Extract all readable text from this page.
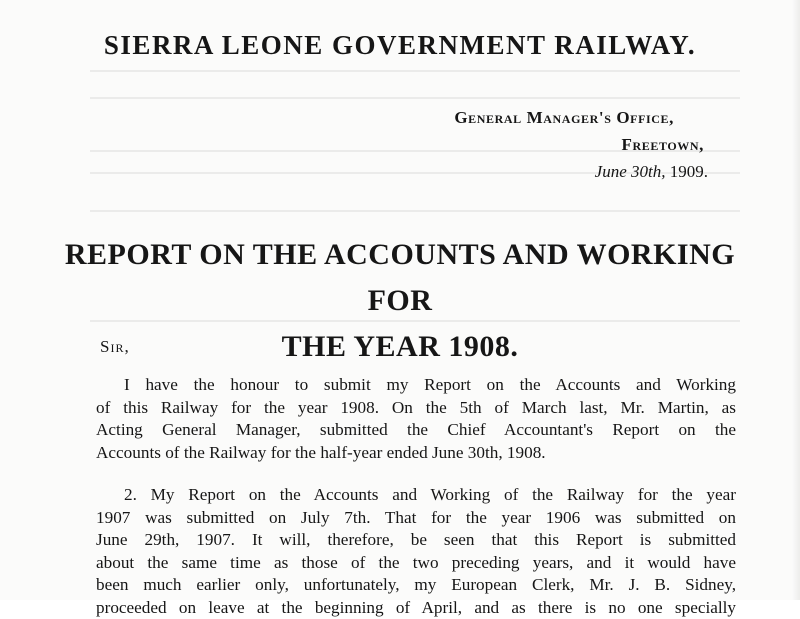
SIERRA LEONE GOVERNMENT RAILWAY.
General Manager's Office,
Freetown,
June 30th, 1909.
REPORT ON THE ACCOUNTS AND WORKING FOR
THE YEAR 1908.

Sir,

I have the honour to submit my Report on the Accounts and Working
of this Railway for the year 1908. On the 5th of March last, Mr. Martin, as
Acting General Manager, submitted the Chief Accountant's Report on the
Accounts of the Railway for the half-year ended June 30th, 1908.

2. My Report on the Accounts and Working of the Railway for the year
1907 was submitted on July 7th. That for the year 1906 was submitted on
June 29th, 1907. It will, therefore, be seen that this Report is submitted
about the same time as those of the two preceding years, and it would have
been much earlier only, unfortunately, my European Clerk, Mr. J. B. Sidney,
proceeded on leave at the beginning of April, and as there is no one specially
